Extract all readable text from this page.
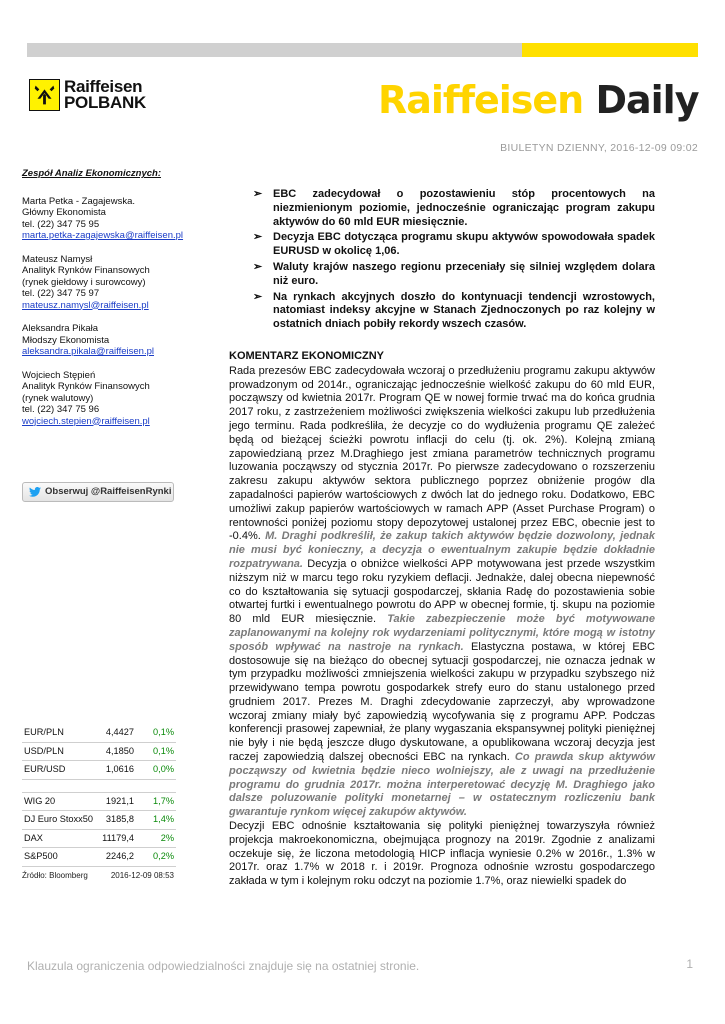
Raiffeisen
POLBANK	Raiffeisen Daily
BIULETYN DZIENNY, 2016-12-09 09:02
Zespół Analiz Ekonomicznych:
Marta Petka - Zagajewska.
Główny Ekonomista
tel. (22) 347 75 95
marta.petka-zagajewska@raiffeisen.pl
Mateusz Namysł
Analityk Rynków Finansowych
(rynek giełdowy i surowcowy)
tel. (22) 347 75 97
mateusz.namysl@raiffeisen.pl
Aleksandra Pikała
Młodszy Ekonomista
aleksandra.pikala@raiffeisen.pl
Wojciech Stępień
Analityk Rynków Finansowych
(rynek walutowy)
tel. (22) 347 75 96
wojciech.stepien@raiffeisen.pl
Obserwuj @RaiffeisenRynki
EUR/PLN	4,4427 0,1%
USD/PLN	4,1850 0,1%
EUR/USD	1,0616 0,0%
WIG 20	1921,1 1,7%
DJ Euro Stoxx50 3185,8 1,4%
DAX	11179,4	2%
S&P500	2246,2 0,2%
Źródło: Bloomberg	2016-12-09 08:53
➢ EBC zadecydował o pozostawieniu stóp procentowych na niezmienionym poziomie, jednocześnie ograniczając program zakupu aktywów do 60 mld EUR miesięcznie.
➢ Decyzja EBC dotycząca programu skupu aktywów spowodowała spadek EURUSD w okolicę 1,06.
➢ Waluty krajów naszego regionu przeceniały się silniej względem dolara niż euro.
➢ Na rynkach akcyjnych doszło do kontynuacji tendencji wzrostowych, natomiast indeksy akcyjne w Stanach Zjednoczonych po raz kolejny w ostatnich dniach pobiły rekordy wszech czasów.
KOMENTARZ EKONOMICZNY

Rada prezesów EBC zadecydowała wczoraj o przedłużeniu programu zakupu aktywów prowadzonym od 2014r., ograniczając jednocześnie wielkość zakupu do 60 mld EUR, począwszy od kwietnia 2017r. Program QE w nowej formie trwać ma do końca grudnia 2017 roku, z zastrzeżeniem możliwości zwiększenia wielkości zakupu lub przedłużenia jego terminu. Rada podkreśliła, że decyzje co do wydłużenia programu QE zależeć będą od bieżącej ścieżki powrotu inflacji do celu (tj. ok. 2%). Kolejną zmianą zapowiedzianą przez M.Draghiego jest zmiana parametrów technicznych programu luzowania począwszy od stycznia 2017r. Po pierwsze zadecydowano o rozszerzeniu zakresu zakupu aktywów sektora publicznego poprzez obniżenie progów dla zapadalności papierów wartościowych z dwóch lat do jednego roku. Dodatkowo, EBC umożliwi zakup papierów wartościowych w ramach APP (Asset Purchase Program) o rentowności poniżej poziomu stopy depozytowej ustalonej przez EBC, obecnie jest to -0.4%. M. Draghi podkreślił, że zakup takich aktywów będzie dozwolony, jednak nie musi być konieczny, a decyzja o ewentualnym zakupie będzie dokładnie rozpatrywana. Decyzja o obniżce wielkości APP motywowana jest przede wszystkim niższym niż w marcu tego roku ryzykiem deflacji. Jednakże, dalej obecna niepewność co do kształtowania się sytuacji gospodarczej, skłania Radę do pozostawienia sobie otwartej furtki i ewentualnego powrotu do APP w obecnej formie, tj. skupu na poziomie 80 mld EUR miesięcznie. Takie zabezpieczenie może być motywowane zaplanowanymi na kolejny rok wydarzeniami politycznymi, które mogą w istotny sposób wpływać na nastroje na rynkach. Elastyczna postawa, w której EBC dostosowuje się na bieżąco do obecnej sytuacji gospodarczej, nie oznacza jednak w tym przypadku możliwości zmniejszenia wielkości zakupu w przypadku szybszego niż przewidywano tempa powrotu gospodarkek strefy euro do stanu ustalonego przed grudniem 2017. Prezes M. Draghi zdecydowanie zaprzeczył, aby wprowadzone wczoraj zmiany miały być zapowiedzią wycofywania się z programu APP. Podczas konferencji prasowej zapewniał, że plany wygaszania ekspansywnej polityki pieniężnej nie były i nie będą jeszcze długo dyskutowane, a opublikowana wczoraj decyzja jest raczej zapowiedzią dalszej obecności EBC na rynkach. Co prawda skup aktywów począwszy od kwietnia będzie nieco wolniejszy, ale z uwagi na przedłużenie programu do grudnia 2017r. można interperetować decyzję M. Draghiego jako dalsze poluzowanie polityki monetarnej – w ostatecznym rozliczeniu bank gwarantuje rynkom więcej zakupów aktywów.

Decyzji EBC odnośnie kształtowania się polityki pieniężnej towarzyszyła również projekcja makroekonomiczna, obejmująca prognozy na 2019r. Zgodnie z analizami oczekuje się, że liczona metodologią HICP inflacja wyniesie 0.2% w 2016r., 1.3% w 2017r. oraz 1.7% w 2018 r. i 2019r. Prognoza odnośnie wzrostu gospodarczego zakłada w tym i kolejnym roku odczyt na poziomie 1.7%, oraz niewielki spadek do

Klauzula ograniczenia odpowiedzialności znajduje się na ostatniej stronie.	1
